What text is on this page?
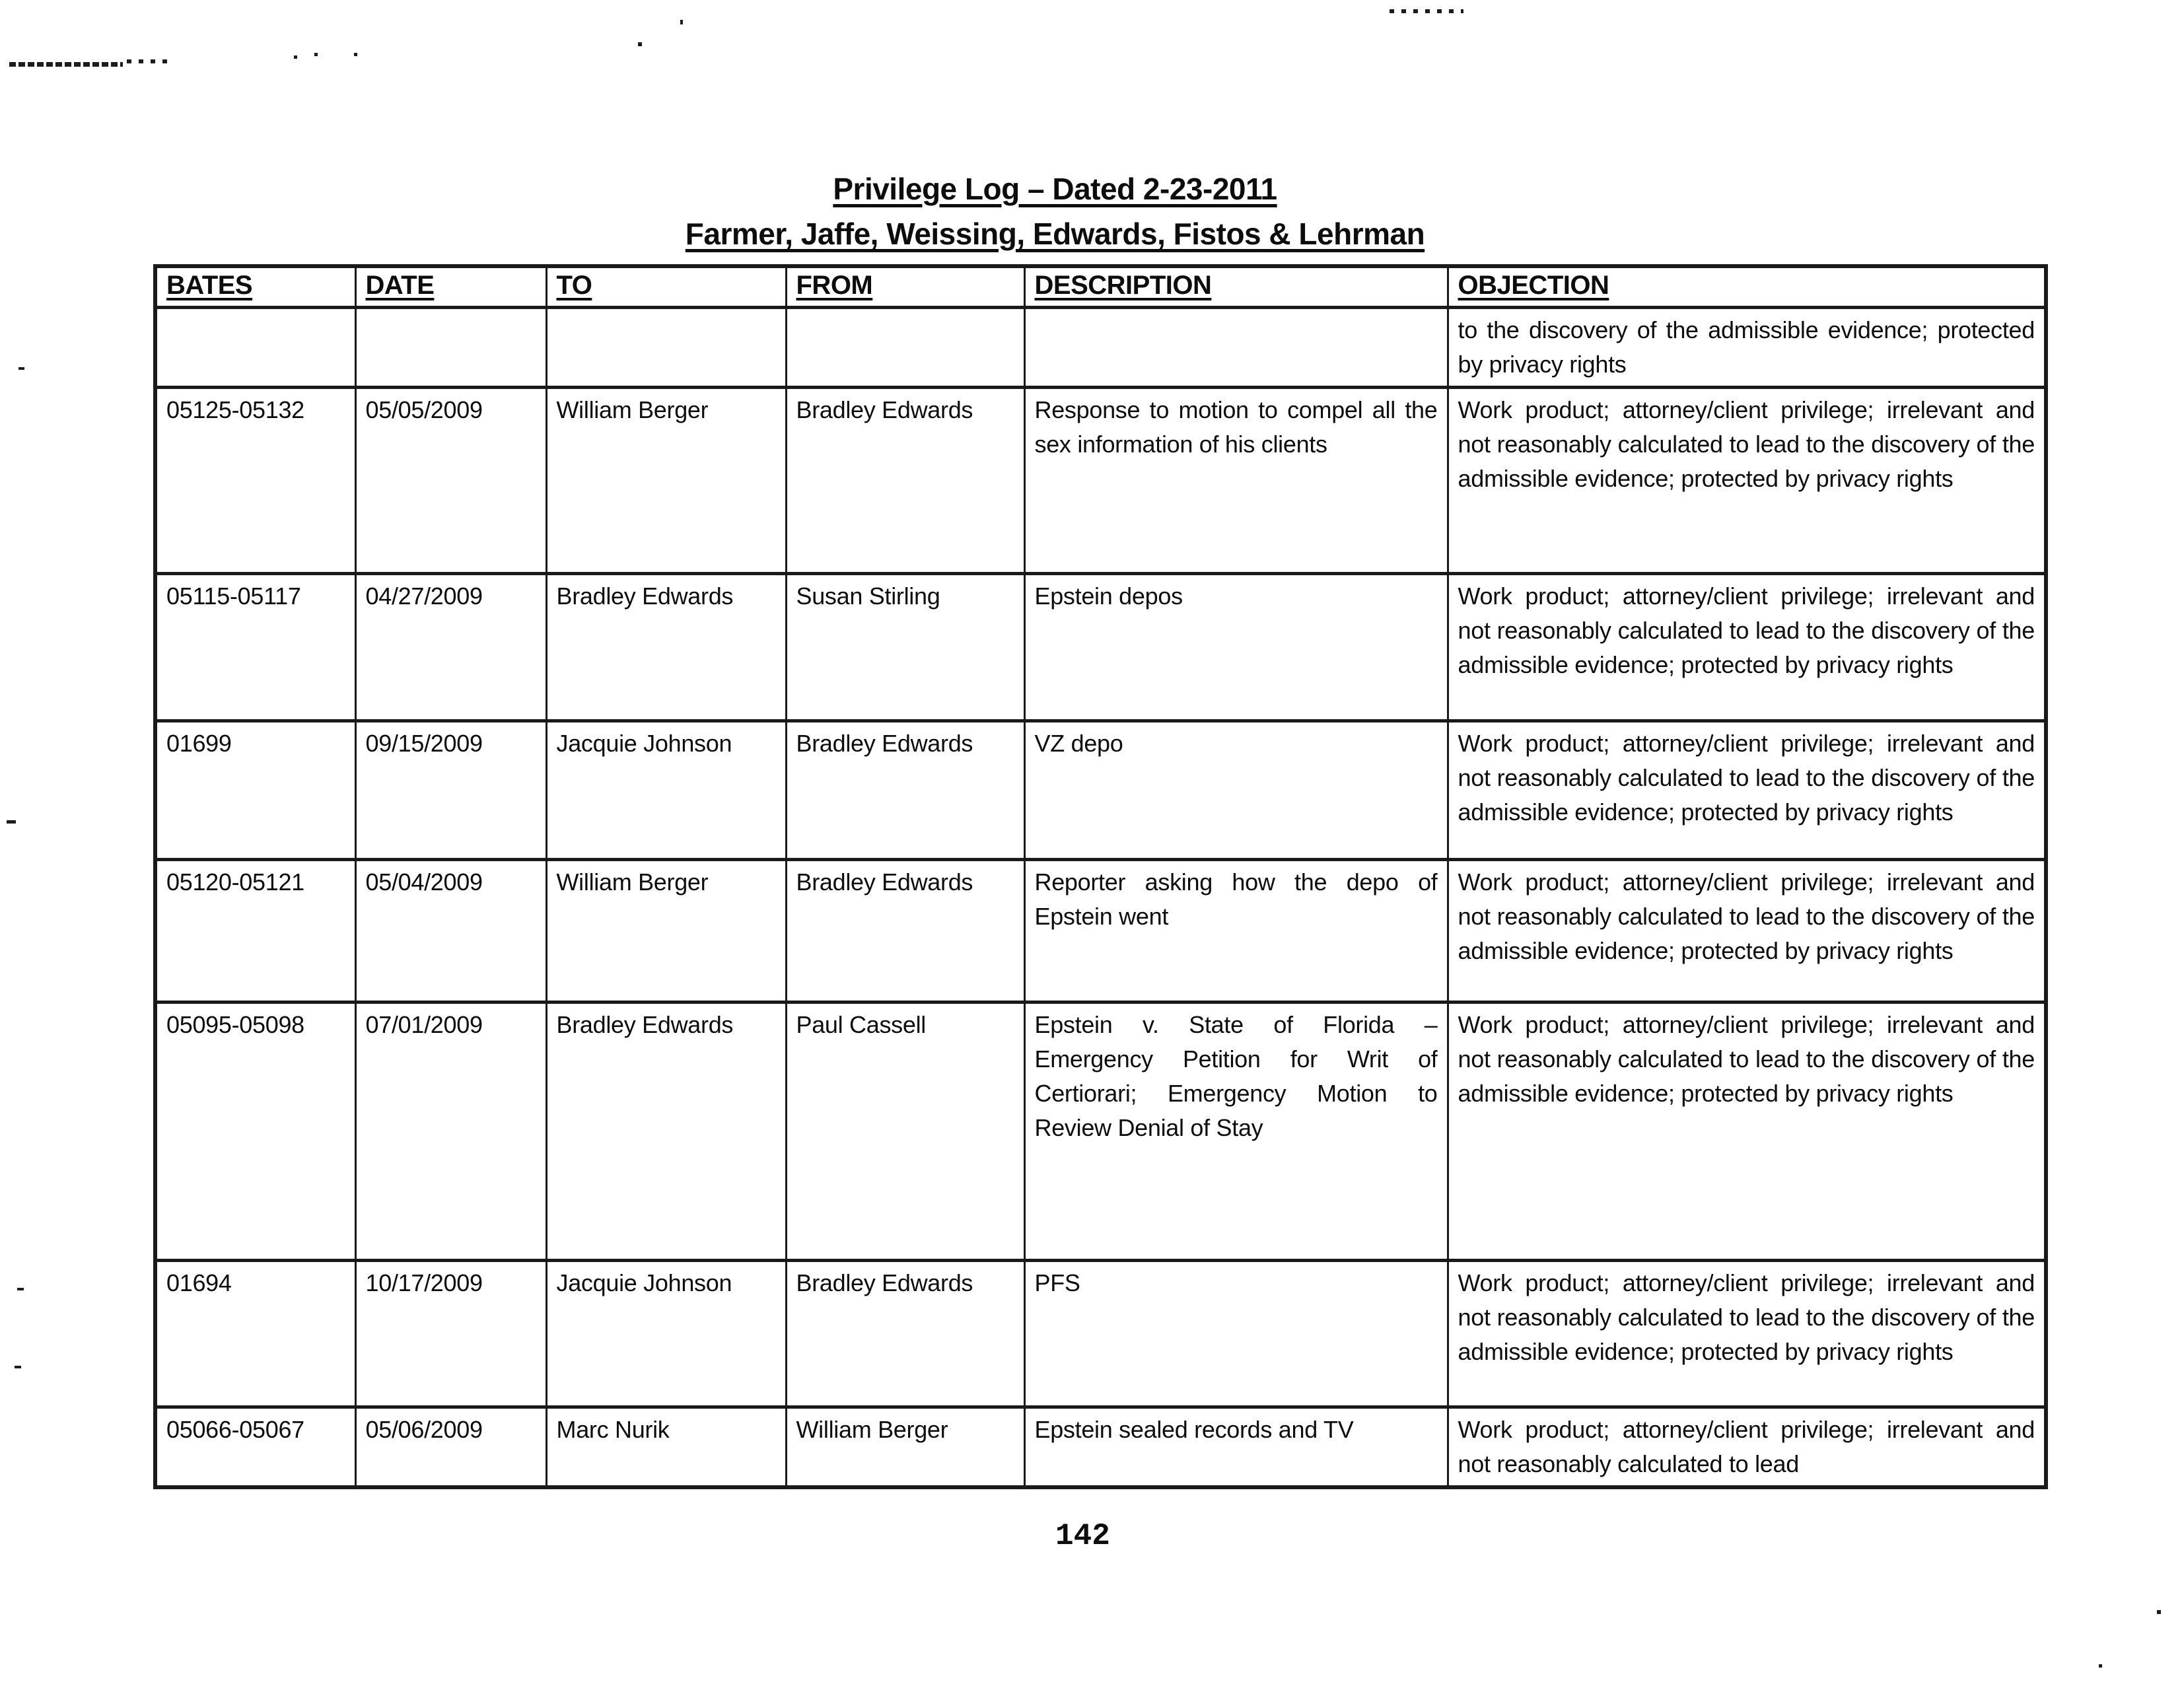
Privilege Log – Dated 2-23-2011
Farmer, Jaffe, Weissing, Edwards, Fistos & Lehrman
BATES	DATE	TO	FROM	DESCRIPTION	OBJECTION
					to the discovery of the admissible evidence; protected by privacy rights
05125-05132	05/05/2009	William Berger	Bradley Edwards	Response to motion to compel all the sex information of his clients	Work product; attorney/client privilege; irrelevant and not reasonably calculated to lead to the discovery of the admissible evidence; protected by privacy rights
05115-05117	04/27/2009	Bradley Edwards	Susan Stirling	Epstein depos	Work product; attorney/client privilege; irrelevant and not reasonably calculated to lead to the discovery of the admissible evidence; protected by privacy rights
01699	09/15/2009	Jacquie Johnson	Bradley Edwards	VZ depo	Work product; attorney/client privilege; irrelevant and not reasonably calculated to lead to the discovery of the admissible evidence; protected by privacy rights
05120-05121	05/04/2009	William Berger	Bradley Edwards	Reporter asking how the depo of Epstein went	Work product; attorney/client privilege; irrelevant and not reasonably calculated to lead to the discovery of the admissible evidence; protected by privacy rights
05095-05098	07/01/2009	Bradley Edwards	Paul Cassell	Epstein v. State of Florida – Emergency Petition for Writ of Certiorari; Emergency Motion to Review Denial of Stay	Work product; attorney/client privilege; irrelevant and not reasonably calculated to lead to the discovery of the admissible evidence; protected by privacy rights
01694	10/17/2009	Jacquie Johnson	Bradley Edwards	PFS	Work product; attorney/client privilege; irrelevant and not reasonably calculated to lead to the discovery of the admissible evidence; protected by privacy rights
05066-05067	05/06/2009	Marc Nurik	William Berger	Epstein sealed records and TV	Work product; attorney/client privilege; irrelevant and not reasonably calculated to lead
142
